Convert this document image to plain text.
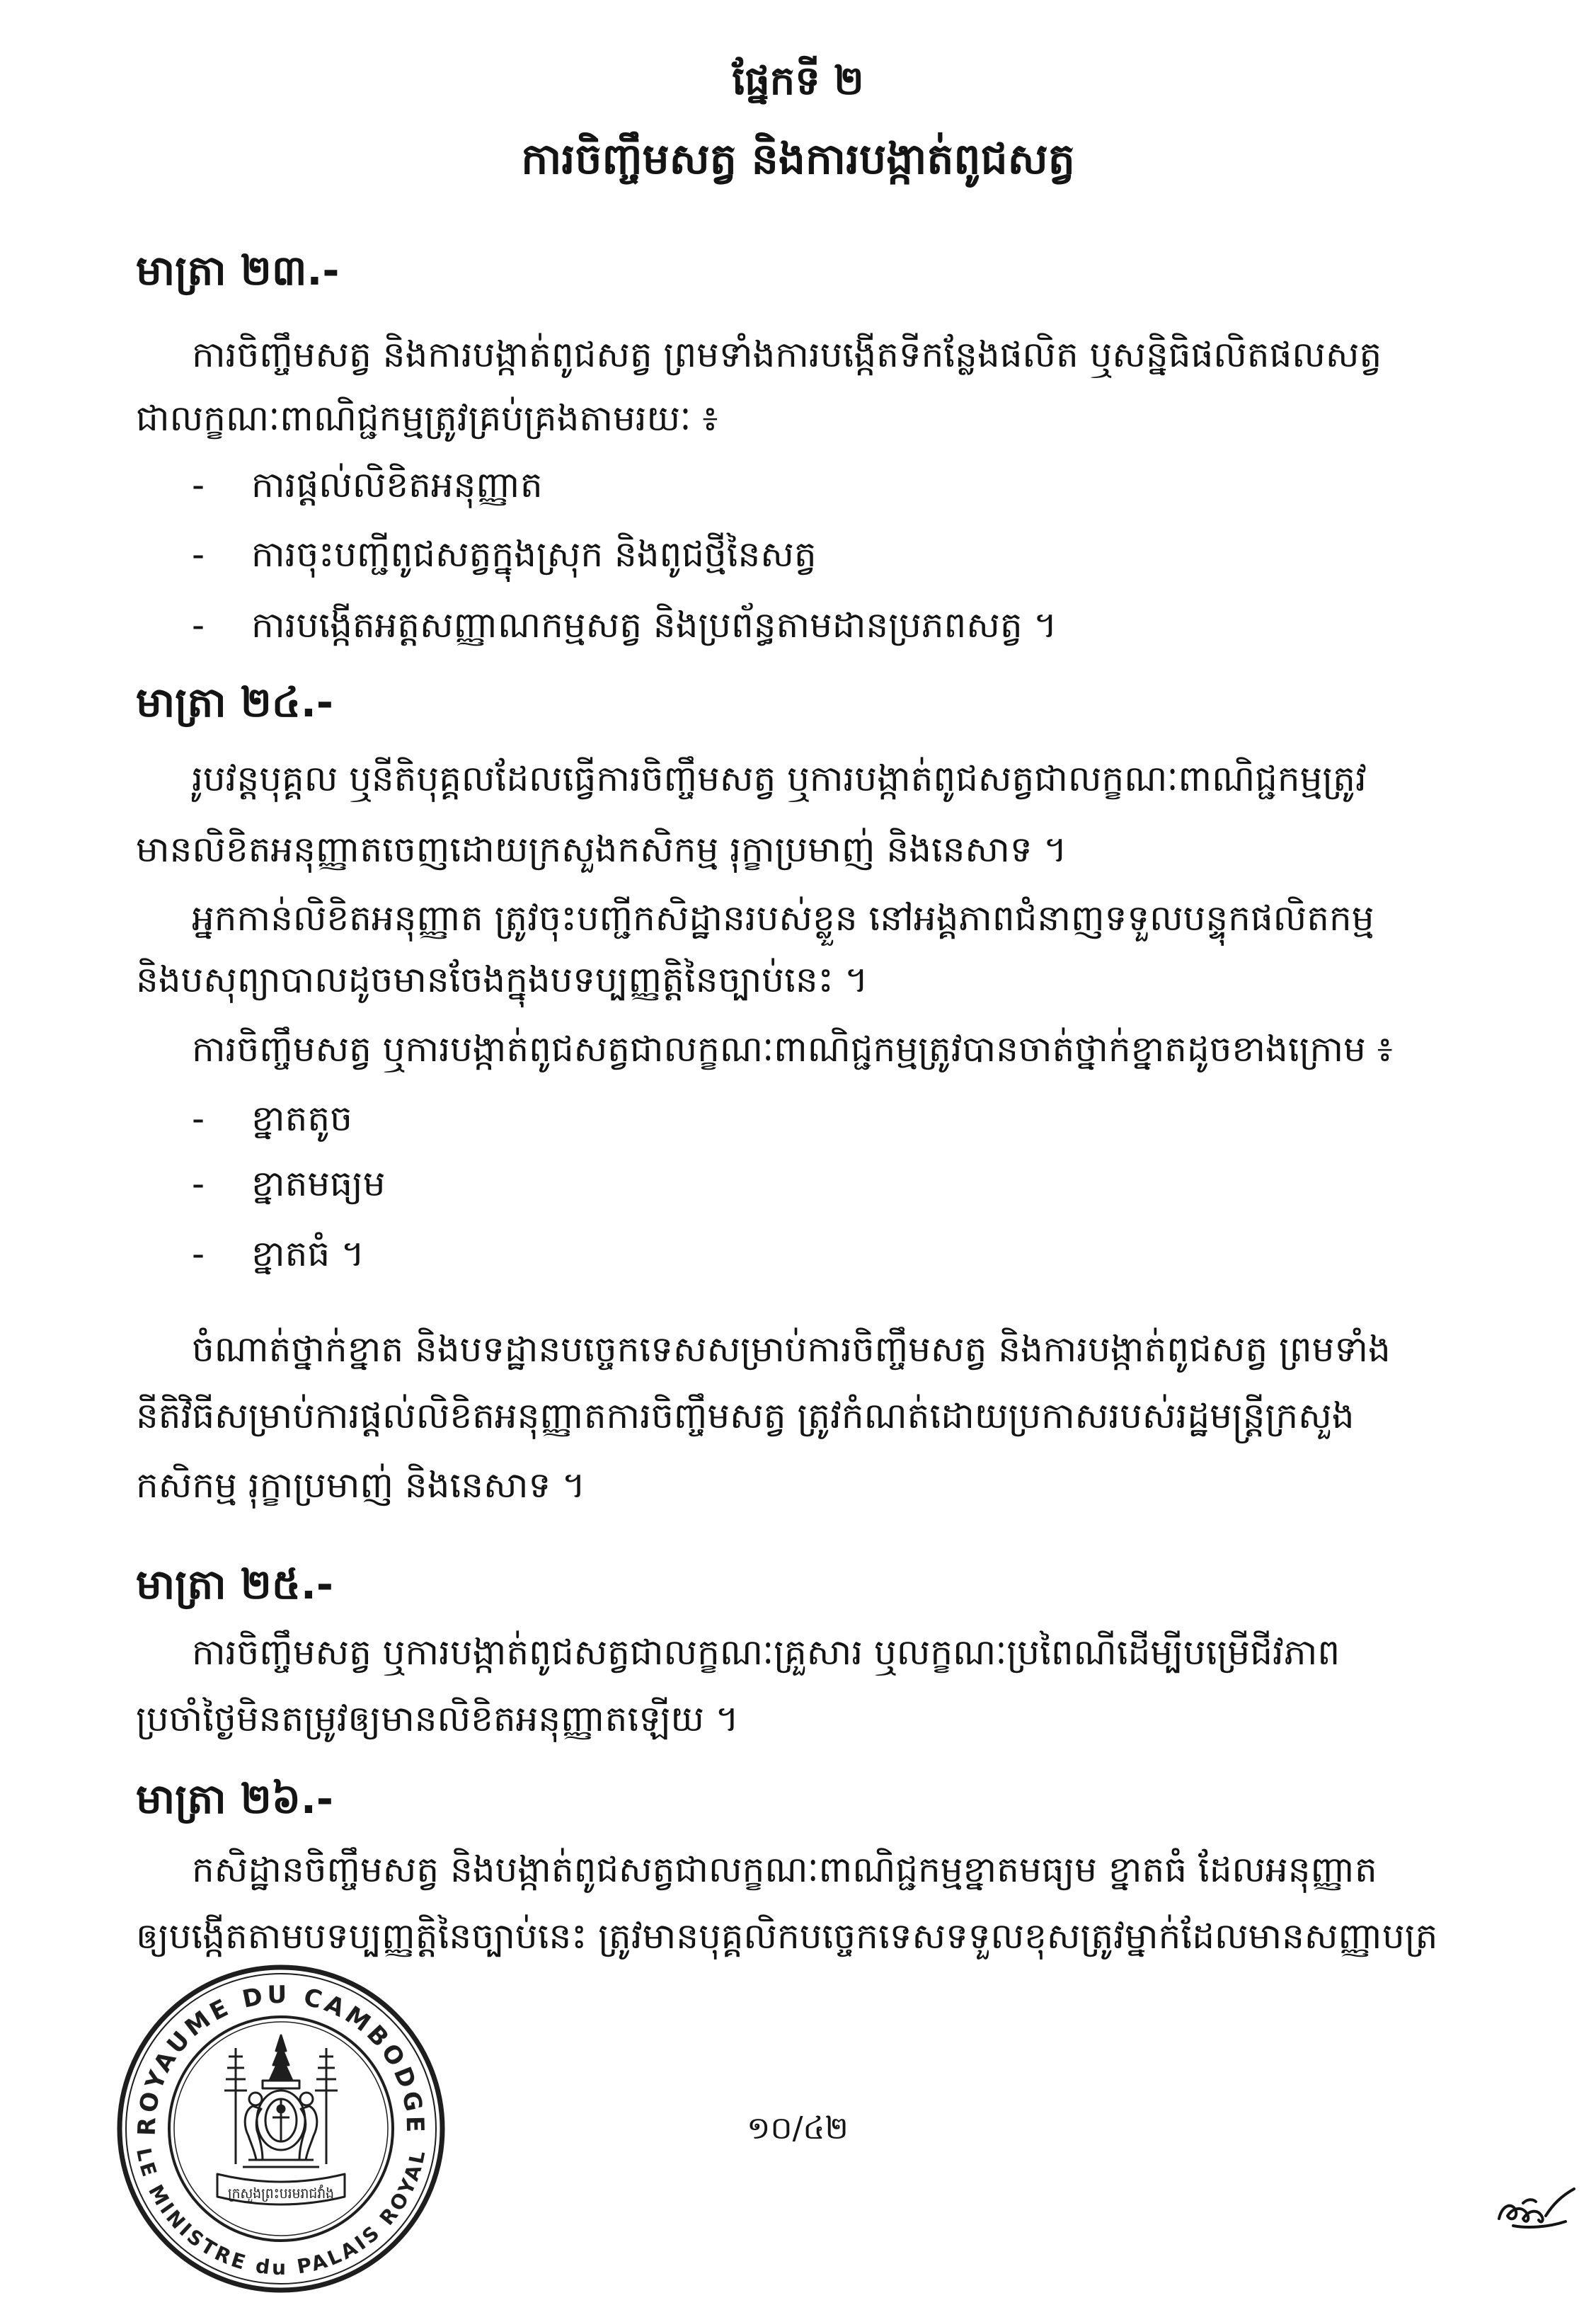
ផ្នែកទី ២
ការចិញ្ចឹមសត្វ និងការបង្កាត់ពូជសត្វ
មាត្រា ២៣.-
ការចិញ្ចឹមសត្វ និងការបង្កាត់ពូជសត្វ ព្រមទាំងការបង្កើតទីកន្លែងផលិត ឬសន្និធិផលិតផលសត្វ
ជាលក្ខណៈពាណិជ្ជកម្មត្រូវគ្រប់គ្រងតាមរយៈ ៖
-	ការផ្តល់លិខិតអនុញ្ញាត
-	ការចុះបញ្ជីពូជសត្វក្នុងស្រុក និងពូជថ្មីនៃសត្វ
-	ការបង្កើតអត្តសញ្ញាណកម្មសត្វ និងប្រព័ន្ធតាមដានប្រភពសត្វ ។
មាត្រា ២៤.-
រូបវន្តបុគ្គល ឬនីតិបុគ្គលដែលធ្វើការចិញ្ចឹមសត្វ ឬការបង្កាត់ពូជសត្វជាលក្ខណៈពាណិជ្ជកម្មត្រូវ
មានលិខិតអនុញ្ញាតចេញដោយក្រសួងកសិកម្ម រុក្ខាប្រមាញ់ និងនេសាទ ។
អ្នកកាន់លិខិតអនុញ្ញាត ត្រូវចុះបញ្ជីកសិដ្ឋានរបស់ខ្លួន នៅអង្គភាពជំនាញទទួលបន្ទុកផលិតកម្ម
និងបសុព្យាបាលដូចមានចែងក្នុងបទប្បញ្ញត្តិនៃច្បាប់នេះ ។
ការចិញ្ចឹមសត្វ ឬការបង្កាត់ពូជសត្វជាលក្ខណៈពាណិជ្ជកម្មត្រូវបានចាត់ថ្នាក់ខ្នាតដូចខាងក្រោម ៖
-	ខ្នាតតូច
-	ខ្នាតមធ្យម
-	ខ្នាតធំ ។
ចំណាត់ថ្នាក់ខ្នាត និងបទដ្ឋានបច្ចេកទេសសម្រាប់ការចិញ្ចឹមសត្វ និងការបង្កាត់ពូជសត្វ ព្រមទាំង
នីតិវិធីសម្រាប់ការផ្តល់លិខិតអនុញ្ញាតការចិញ្ចឹមសត្វ ត្រូវកំណត់ដោយប្រកាសរបស់រដ្ឋមន្ត្រីក្រសួង
កសិកម្ម រុក្ខាប្រមាញ់ និងនេសាទ ។
មាត្រា ២៥.-
ការចិញ្ចឹមសត្វ ឬការបង្កាត់ពូជសត្វជាលក្ខណៈគ្រួសារ ឬលក្ខណៈប្រពៃណីដើម្បីបម្រើជីវភាព
ប្រចាំថ្ងៃមិនតម្រូវឲ្យមានលិខិតអនុញ្ញាតឡើយ ។
មាត្រា ២៦.-
កសិដ្ឋានចិញ្ចឹមសត្វ និងបង្កាត់ពូជសត្វជាលក្ខណៈពាណិជ្ជកម្មខ្នាតមធ្យម ខ្នាតធំ ដែលអនុញ្ញាត
ឲ្យបង្កើតតាមបទប្បញ្ញត្តិនៃច្បាប់នេះ ត្រូវមានបុគ្គលិកបច្ចេកទេសទទួលខុសត្រូវម្នាក់ដែលមានសញ្ញាបត្រ
១០/៤២
ROYAUME DU CAMBODGE
LE MINISTRE du PALAIS ROYAL
ក្រសួងព្រះបរមរាជវាំង
